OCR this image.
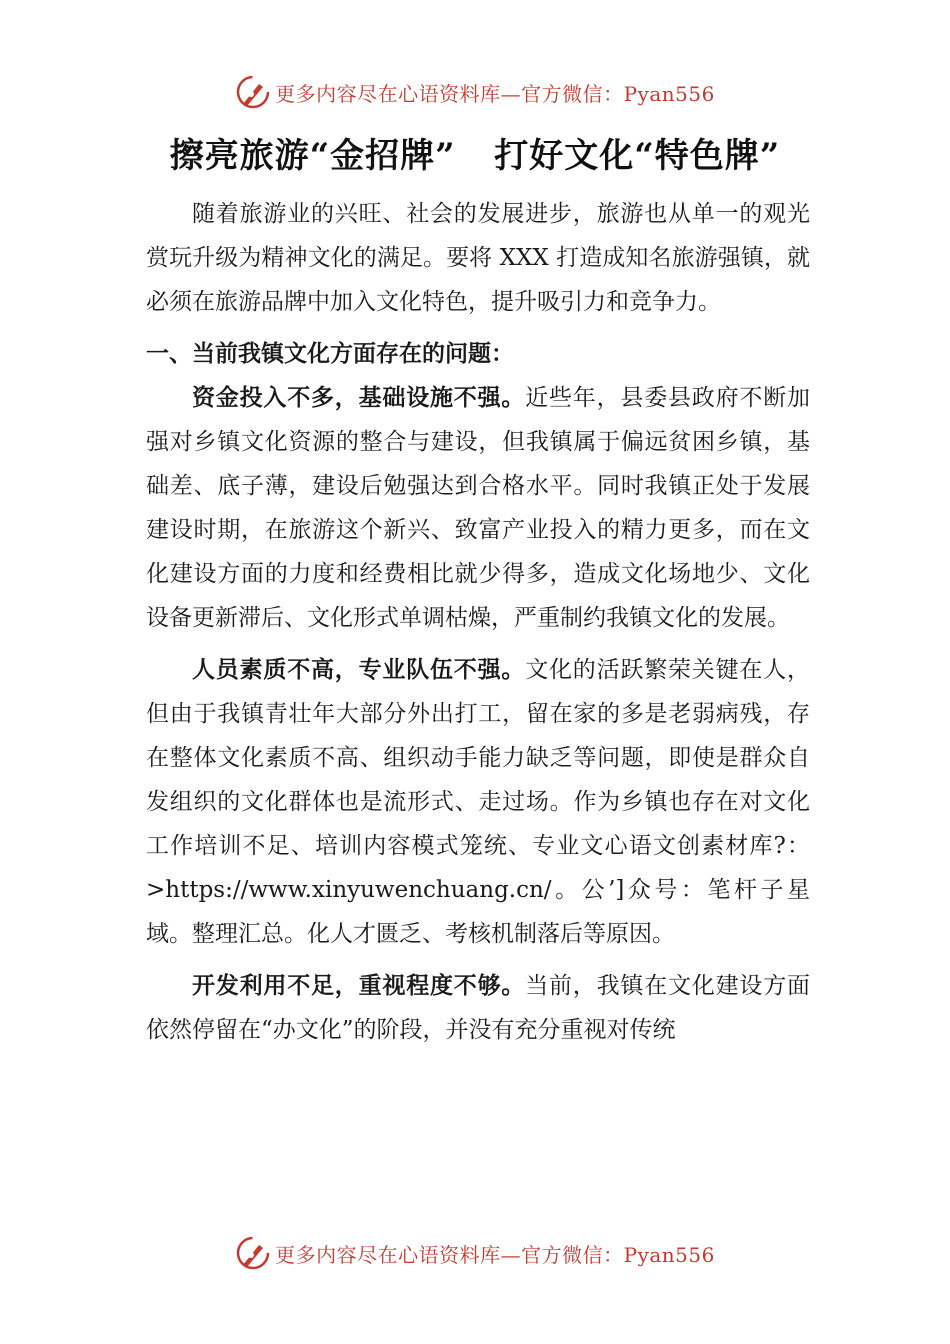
更多内容尽在心语资料库—官方微信：Pyan556
擦亮旅游“金招牌”   打好文化“特色牌”

随着旅游业的兴旺、社会的发展进步，旅游也从单一的观光赏玩升级为精神文化的满足。要将 XXX 打造成知名旅游强镇，就必须在旅游品牌中加入文化特色，提升吸引力和竞争力。

一、当前我镇文化方面存在的问题：

资金投入不多，基础设施不强。近些年，县委县政府不断加强对乡镇文化资源的整合与建设，但我镇属于偏远贫困乡镇，基础差、底子薄，建设后勉强达到合格水平。同时我镇正处于发展建设时期，在旅游这个新兴、致富产业投入的精力更多，而在文化建设方面的力度和经费相比就少得多，造成文化场地少、文化设备更新滞后、文化形式单调枯燥，严重制约我镇文化的发展。

人员素质不高，专业队伍不强。文化的活跃繁荣关键在人，但由于我镇青壮年大部分外出打工，留在家的多是老弱病残，存在整体文化素质不高、组织动手能力缺乏等问题，即使是群众自发组织的文化群体也是流形式、走过场。作为乡镇也存在对文化工作培训不足、培训内容模式笼统、专业文心语文创素材库?：>https://www.xinyuwenchuang.cn/。公’]众号：笔杆子星域。整理汇总。化人才匮乏、考核机制落后等原因。

开发利用不足，重视程度不够。当前，我镇在文化建设方面依然停留在“办文化”的阶段，并没有充分重视对传统

更多内容尽在心语资料库—官方微信：Pyan556
